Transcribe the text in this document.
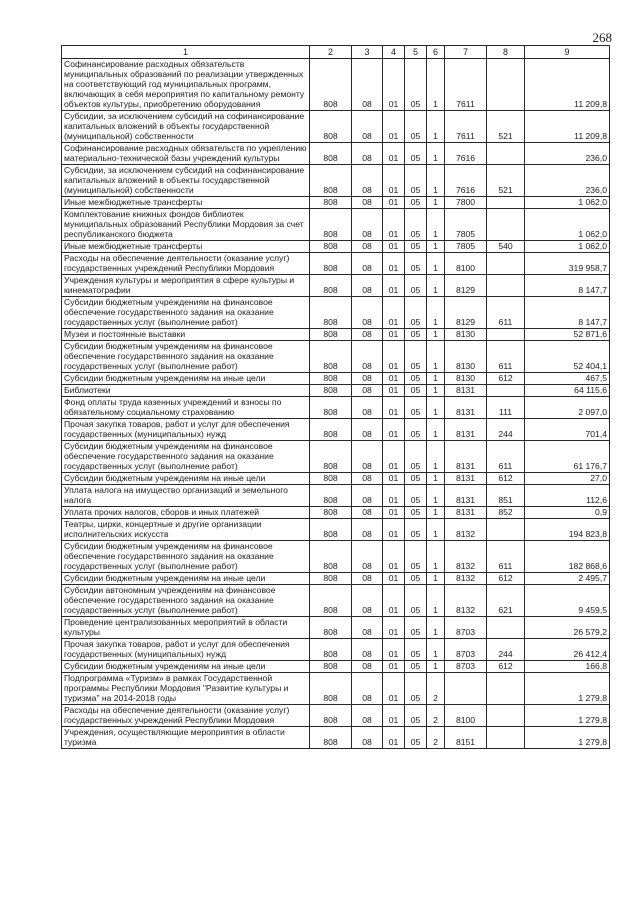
268
1	2	3	4	5	6	7	8	9
Софинансирование расходных обязательств муниципальных образований по реализации утвержденных на соответствующий год муниципальных программ, включающих в себя мероприятия по капитальному ремонту объектов культуры, приобретению оборудования	808	08	01	05	1	7611		11 209,8
Субсидии, за исключением субсидий на софинансирование капитальных вложений в объекты государственной (муниципальной) собственности	808	08	01	05	1	7611	521	11 209,8
Софинансирование расходных обязательств по укреплению материально-технической базы учреждений культуры	808	08	01	05	1	7616		236,0
Субсидии, за исключением субсидий на софинансирование капитальных вложений в объекты государственной (муниципальной) собственности	808	08	01	05	1	7616	521	236,0
Иные межбюджетные трансферты	808	08	01	05	1	7800		1 062,0
Комплектование книжных фондов библиотек муниципальных образований Республики Мордовия за счет республиканского бюджета	808	08	01	05	1	7805		1 062,0
Иные межбюджетные трансферты	808	08	01	05	1	7805	540	1 062,0
Расходы на обеспечение деятельности (оказание услуг) государственных учреждений Республики Мордовия	808	08	01	05	1	8100		319 958,7
Учреждения культуры и мероприятия в сфере культуры и кинематографии	808	08	01	05	1	8129		8 147,7
Субсидии бюджетным учреждениям на финансовое обеспечение государственного задания на оказание государственных услуг (выполнение работ)	808	08	01	05	1	8129	611	8 147,7
Музеи и постоянные выставки	808	08	01	05	1	8130		52 871,6
Субсидии бюджетным учреждениям на финансовое обеспечение государственного задания на оказание государственных услуг (выполнение работ)	808	08	01	05	1	8130	611	52 404,1
Субсидии бюджетным учреждениям на иные цели	808	08	01	05	1	8130	612	467,5
Библиотеки	808	08	01	05	1	8131		64 115,6
Фонд оплаты труда казенных учреждений и взносы по обязательному социальному страхованию	808	08	01	05	1	8131	111	2 097,0
Прочая закупка товаров, работ и услуг для обеспечения государственных (муниципальных) нужд	808	08	01	05	1	8131	244	701,4
Субсидии бюджетным учреждениям на финансовое обеспечение государственного задания на оказание государственных услуг (выполнение работ)	808	08	01	05	1	8131	611	61 176,7
Субсидии бюджетным учреждениям на иные цели	808	08	01	05	1	8131	612	27,0
Уплата налога на имущество организаций и земельного налога	808	08	01	05	1	8131	851	112,6
Уплата прочих налогов, сборов и иных платежей	808	08	01	05	1	8131	852	0,9
Театры, цирки, концертные и другие организации исполнительских искусств	808	08	01	05	1	8132		194 823,8
Субсидии бюджетным учреждениям на финансовое обеспечение государственного задания на оказание государственных услуг (выполнение работ)	808	08	01	05	1	8132	611	182 868,6
Субсидии бюджетным учреждениям на иные цели	808	08	01	05	1	8132	612	2 495,7
Субсидии автономным учреждениям на финансовое обеспечение государственного задания на оказание государственных услуг (выполнение работ)	808	08	01	05	1	8132	621	9 459,5
Проведение централизованных мероприятий в области культуры	808	08	01	05	1	8703		26 579,2
Прочая закупка товаров, работ и услуг для обеспечения государственных (муниципальных) нужд	808	08	01	05	1	8703	244	26 412,4
Субсидии бюджетным учреждениям на иные цели	808	08	01	05	1	8703	612	166,8
Подпрограмма «Туризм» в рамках Государственной программы Республики Мордовия "Развитие культуры и туризма" на 2014-2018 годы	808	08	01	05	2			1 279,8
Расходы на обеспечение деятельности (оказание услуг) государственных учреждений Республики Мордовия	808	08	01	05	2	8100		1 279,8
Учреждения, осуществляющие мероприятия в области туризма	808	08	01	05	2	8151		1 279,8
